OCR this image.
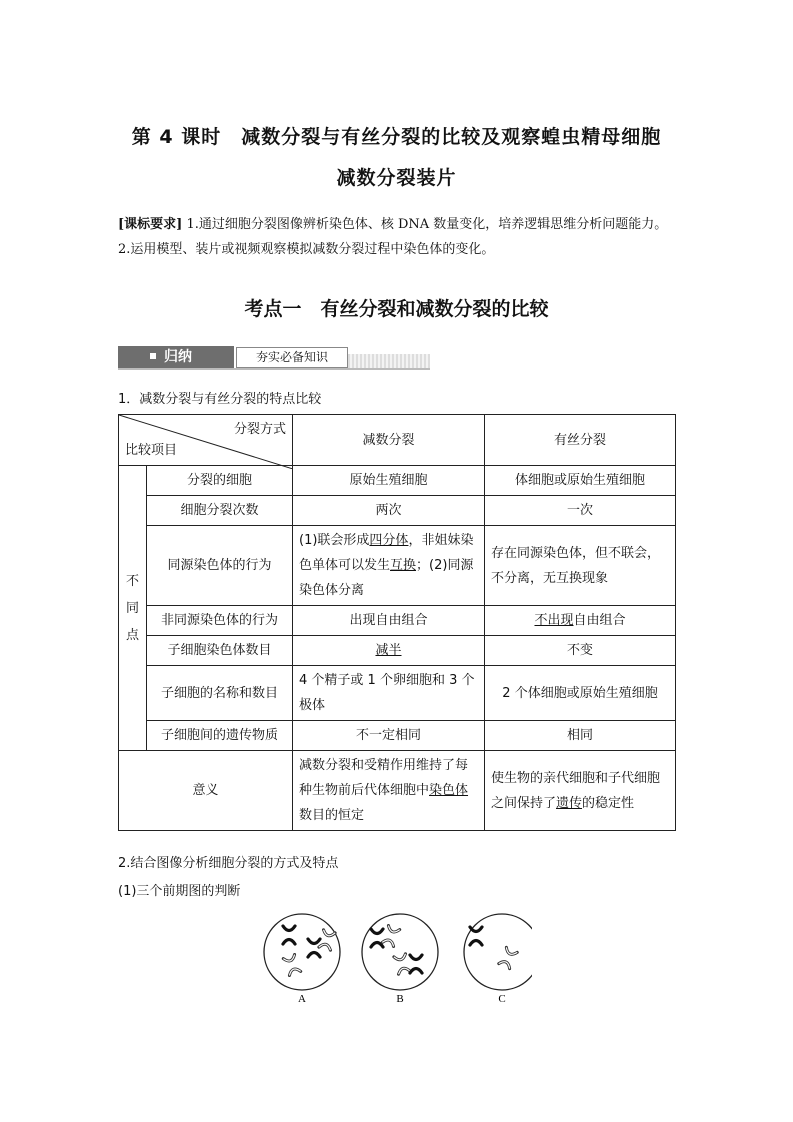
第 4 课时　减数分裂与有丝分裂的比较及观察蝗虫精母细胞
减数分裂装片
[课标要求] 1.通过细胞分裂图像辨析染色体、核 DNA 数量变化，培养逻辑思维分析问题能力。2.运用模型、装片或视频观察模拟减数分裂过程中染色体的变化。
考点一　有丝分裂和减数分裂的比较
归纳	夯实必备知识
1．减数分裂与有丝分裂的特点比较
分裂方式
比较项目		减数分裂	有丝分裂

不
同
点	分裂的细胞	原始生殖细胞	体细胞或原始生殖细胞
	细胞分裂次数	两次	一次
	同源染色体的行为	(1)联会形成四分体，非姐妹染色单体可以发生互换；(2)同源染色体分离	存在同源染色体，但不联会，不分离，无互换现象
	非同源染色体的行为	出现自由组合	不出现自由组合
	子细胞染色体数目	减半	不变
	子细胞的名称和数目	4 个精子或 1 个卵细胞和 3 个极体	2 个体细胞或原始生殖细胞
	子细胞间的遗传物质	不一定相同	相同
意义		减数分裂和受精作用维持了每种生物前后代体细胞中染色体数目的恒定	使生物的亲代细胞和子代细胞之间保持了遗传的稳定性
2.结合图像分析细胞分裂的方式及特点
(1)三个前期图的判断
A	B	C
